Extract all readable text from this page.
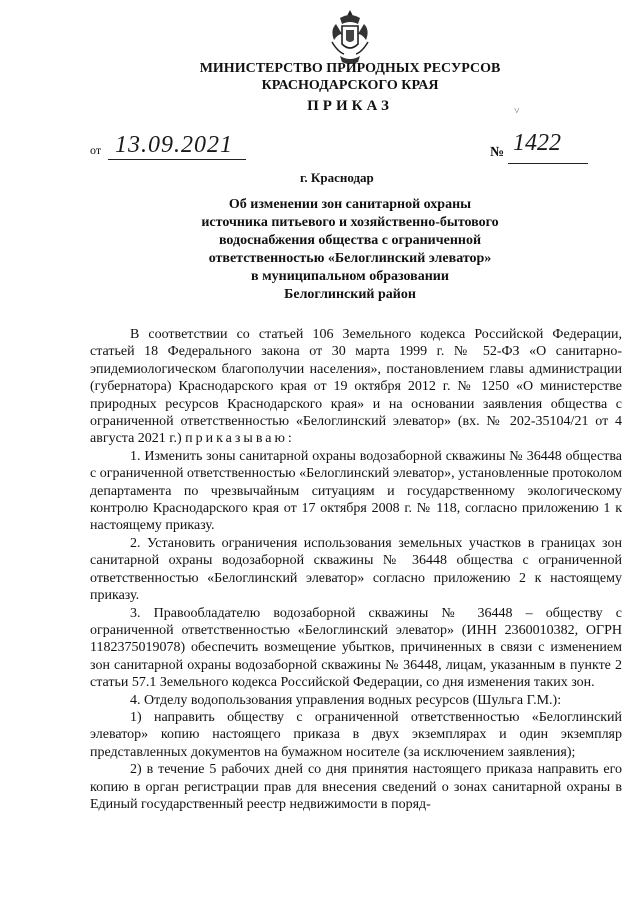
МИНИСТЕРСТВО ПРИРОДНЫХ РЕСУРСОВ
КРАСНОДАРСКОГО КРАЯ
ПРИКАЗ	˅
от 13.09.2021	№ 1422
г. Краснодар
Об изменении зон санитарной охраны
источника питьевого и хозяйственно-бытового
водоснабжения общества с ограниченной
ответственностью «Белоглинский элеватор»
в муниципальном образовании
Белоглинский район

В соответствии со статьей 106 Земельного кодекса Российской Федерации, статьей 18 Федерального закона от 30 марта 1999 г. № 52-ФЗ «О санитарно-эпидемиологическом благополучии населения», постановлением главы администрации (губернатора) Краснодарского края от 19 октября 2012 г. № 1250 «О министерстве природных ресурсов Краснодарского края» и на основании заявления общества с ограниченной ответственностью «Белоглинский элеватор» (вх. № 202-35104/21 от 4 августа 2021 г.) приказываю:

1. Изменить зоны санитарной охраны водозаборной скважины № 36448 общества с ограниченной ответственностью «Белоглинский элеватор», установленные протоколом департамента по чрезвычайным ситуациям и государственному экологическому контролю Краснодарского края от 17 октября 2008 г. № 118, согласно приложению 1 к настоящему приказу.

2. Установить ограничения использования земельных участков в границах зон санитарной охраны водозаборной скважины № 36448 общества с ограниченной ответственностью «Белоглинский элеватор» согласно приложению 2 к настоящему приказу.

3. Правообладателю водозаборной скважины № 36448 – обществу с ограниченной ответственностью «Белоглинский элеватор» (ИНН 2360010382, ОГРН 1182375019078) обеспечить возмещение убытков, причиненных в связи с изменением зон санитарной охраны водозаборной скважины № 36448, лицам, указанным в пункте 2 статьи 57.1 Земельного кодекса Российской Федерации, со дня изменения таких зон.

4. Отделу водопользования управления водных ресурсов (Шульга Г.М.):

1) направить обществу с ограниченной ответственностью «Белоглинский элеватор» копию настоящего приказа в двух экземплярах и один экземпляр представленных документов на бумажном носителе (за исключением заявления);

2) в течение 5 рабочих дней со дня принятия настоящего приказа направить его копию в орган регистрации прав для внесения сведений о зонах санитарной охраны в Единый государственный реестр недвижимости в поряд-
